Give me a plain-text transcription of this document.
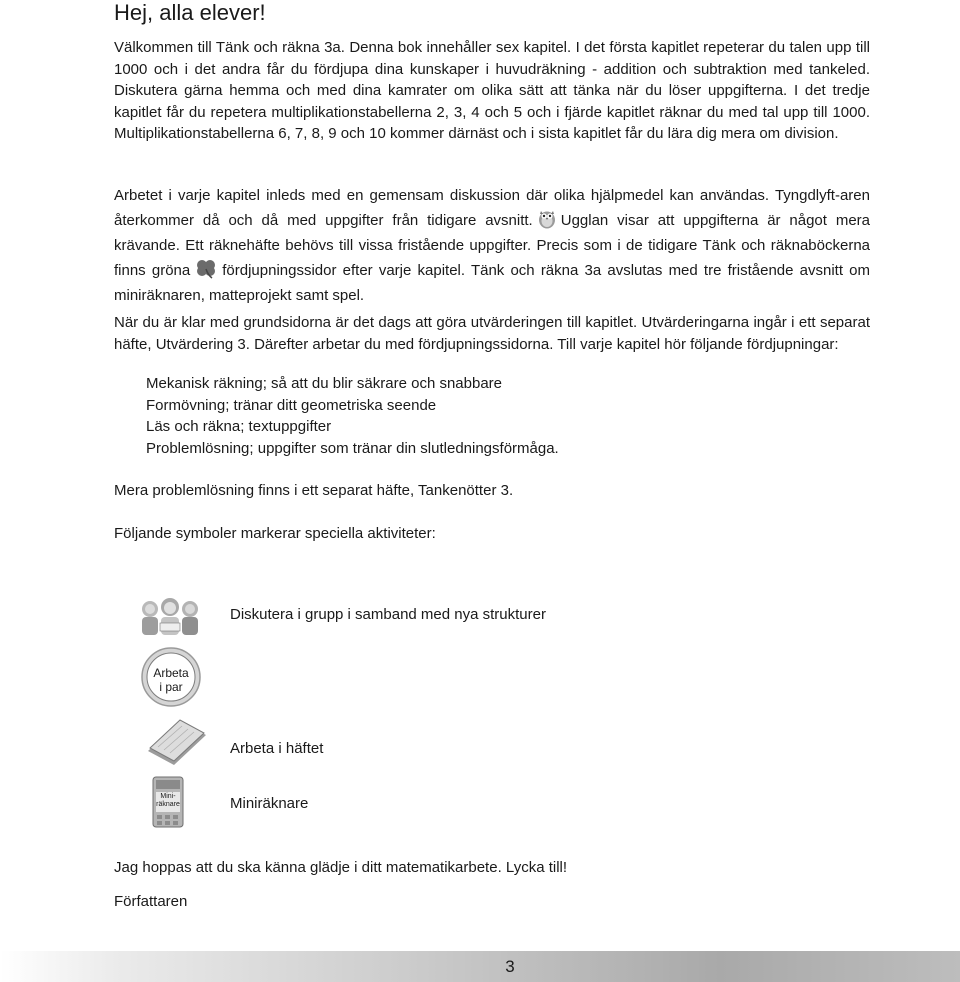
Hej, alla elever!

Välkommen till Tänk och räkna 3a. Denna bok innehåller sex kapitel. I det första kapitlet repeterar du talen upp till 1000 och i det andra får du fördjupa dina kunskaper i huvudräkning - addition och subtraktion med tankeled. Diskutera gärna hemma och med dina kamrater om olika sätt att tänka när du löser uppgifterna. I det tredje kapitlet får du repetera multiplikationstabellerna 2, 3, 4 och 5 och i fjärde kapitlet räknar du med tal upp till 1000. Multiplikationstabellerna 6, 7, 8, 9 och 10 kommer därnäst och i sista kapitlet får du lära dig mera om division.

Arbetet i varje kapitel inleds med en gemensam diskussion där olika hjälpmedel kan användas. Tyngdlyft-aren återkommer då och då med uppgifter från tidigare avsnitt. Ugglan visar att uppgifterna är något mera krävande. Ett räknehäfte behövs till vissa fristående uppgifter. Precis som i de tidigare Tänk och räknaböckerna finns gröna fördjupningssidor efter varje kapitel. Tänk och räkna 3a avslutas med tre fristående avsnitt om miniräknaren, matteprojekt samt spel.

När du är klar med grundsidorna är det dags att göra utvärderingen till kapitlet. Utvärderingarna ingår i ett separat häfte, Utvärdering 3. Därefter arbetar du med fördjupningssidorna. Till varje kapitel hör följande fördjupningar:

Mekanisk räkning; så att du blir säkrare och snabbare

Formövning; tränar ditt geometriska seende

Läs och räkna; textuppgifter

Problemlösning; uppgifter som tränar din slutledningsförmåga.

Mera problemlösning finns i ett separat häfte, Tankenötter 3.

Följande symboler markerar speciella aktiviteter:

Diskutera i grupp i samband med nya strukturer
Arbeta
i par
Arbeta i häftet
Mini-
räknare	Miniräknare

Jag hoppas att du ska känna glädje i ditt matematikarbete. Lycka till!

Författaren

3
